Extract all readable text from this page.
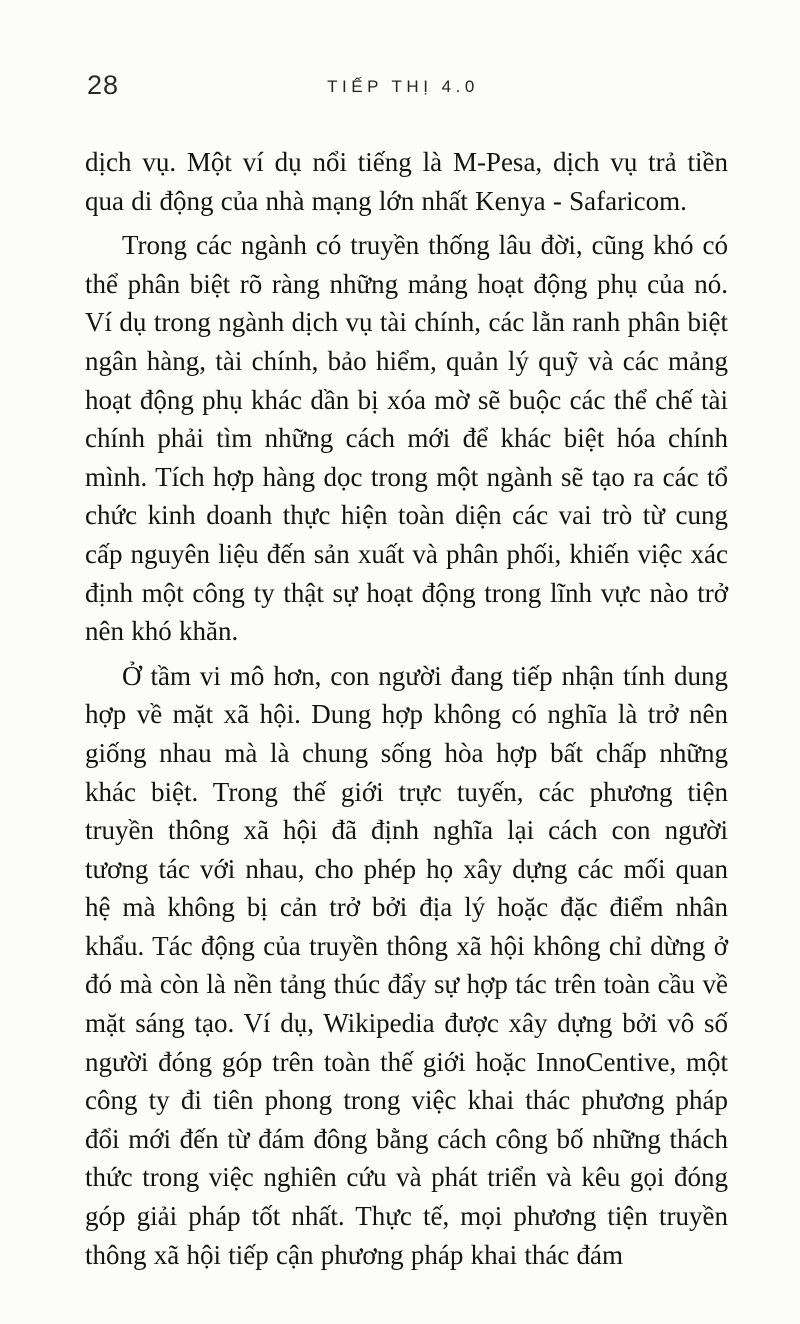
28	TIẾP THỊ 4.0

dịch vụ. Một ví dụ nổi tiếng là M-Pesa, dịch vụ trả tiền qua di động của nhà mạng lớn nhất Kenya - Safaricom.

Trong các ngành có truyền thống lâu đời, cũng khó có thể phân biệt rõ ràng những mảng hoạt động phụ của nó. Ví dụ trong ngành dịch vụ tài chính, các lằn ranh phân biệt ngân hàng, tài chính, bảo hiểm, quản lý quỹ và các mảng hoạt động phụ khác dần bị xóa mờ sẽ buộc các thể chế tài chính phải tìm những cách mới để khác biệt hóa chính mình. Tích hợp hàng dọc trong một ngành sẽ tạo ra các tổ chức kinh doanh thực hiện toàn diện các vai trò từ cung cấp nguyên liệu đến sản xuất và phân phối, khiến việc xác định một công ty thật sự hoạt động trong lĩnh vực nào trở nên khó khăn.

Ở tầm vi mô hơn, con người đang tiếp nhận tính dung hợp về mặt xã hội. Dung hợp không có nghĩa là trở nên giống nhau mà là chung sống hòa hợp bất chấp những khác biệt. Trong thế giới trực tuyến, các phương tiện truyền thông xã hội đã định nghĩa lại cách con người tương tác với nhau, cho phép họ xây dựng các mối quan hệ mà không bị cản trở bởi địa lý hoặc đặc điểm nhân khẩu. Tác động của truyền thông xã hội không chỉ dừng ở đó mà còn là nền tảng thúc đẩy sự hợp tác trên toàn cầu về mặt sáng tạo. Ví dụ, Wikipedia được xây dựng bởi vô số người đóng góp trên toàn thế giới hoặc InnoCentive, một công ty đi tiên phong trong việc khai thác phương pháp đổi mới đến từ đám đông bằng cách công bố những thách thức trong việc nghiên cứu và phát triển và kêu gọi đóng góp giải pháp tốt nhất. Thực tế, mọi phương tiện truyền thông xã hội tiếp cận phương pháp khai thác đám
